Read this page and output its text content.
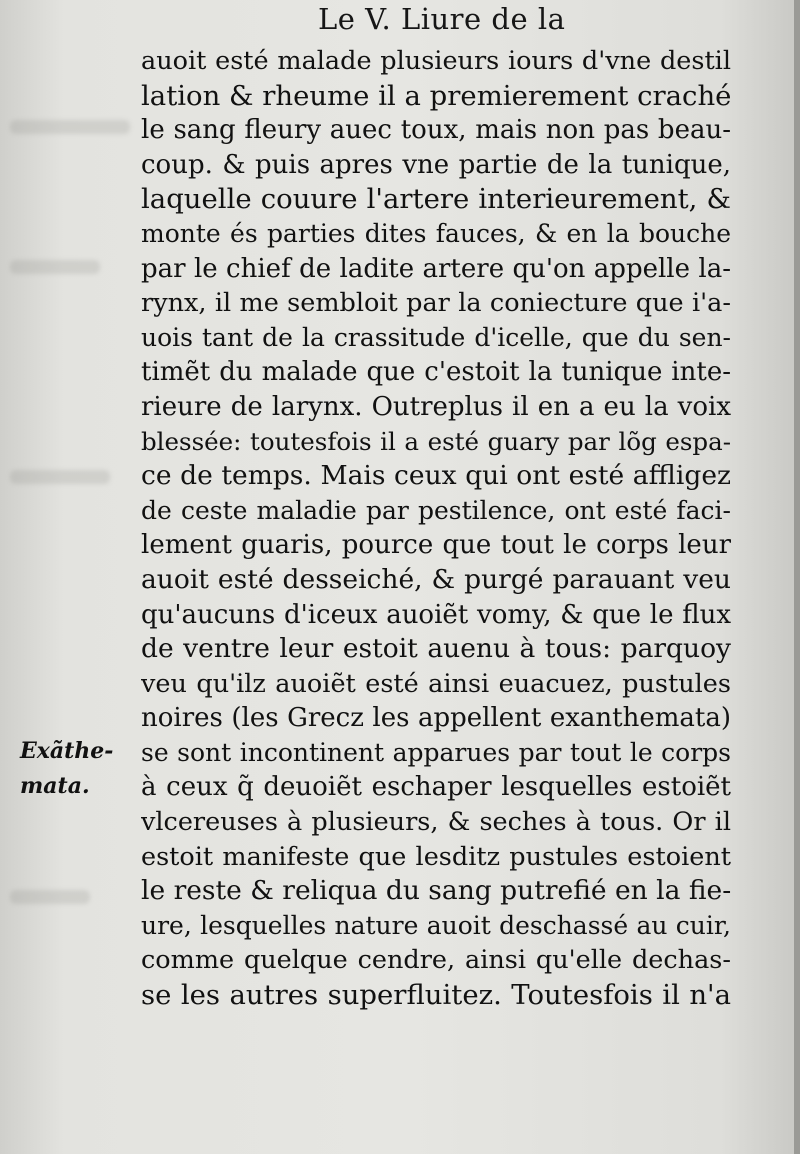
Le V. Liure de la
auoit esté malade plusieurs iours d'vne destil
lation & rheume il a premierement craché
le sang fleury auec toux, mais non pas beau-
coup. & puis apres vne partie de la tunique,
laquelle couure l'artere interieurement, &
monte és parties dites fauces, & en la bouche
par le chief de ladite artere qu'on appelle la-
rynx, il me sembloit par la coniecture que i'a-
uois tant de la crassitude d'icelle, que du sen-
timẽt du malade que c'estoit la tunique inte-
rieure de larynx. Outreplus il en a eu la voix
blessée: toutesfois il a esté guary par lõg espa-
ce de temps. Mais ceux qui ont esté affligez
de ceste maladie par pestilence, ont esté faci-
lement guaris, pource que tout le corps leur
auoit esté desseiché, & purgé parauant veu
qu'aucuns d'iceux auoiẽt vomy, & que le flux
de ventre leur estoit auenu à tous: parquoy
veu qu'ilz auoiẽt esté ainsi euacuez, pustules
noires (les Grecz les appellent exanthemata)
se sont incontinent apparues par tout le corps
à ceux q̃ deuoiẽt eschaper lesquelles estoiẽt
vlcereuses à plusieurs, & seches à tous. Or il
estoit manifeste que lesditz pustules estoient
le reste & reliqua du sang putrefié en la fie-
ure, lesquelles nature auoit deschassé au cuir,
comme quelque cendre, ainsi qu'elle dechas-
se les autres superfluitez. Toutesfois il n'a
Exãthe-
mata.
